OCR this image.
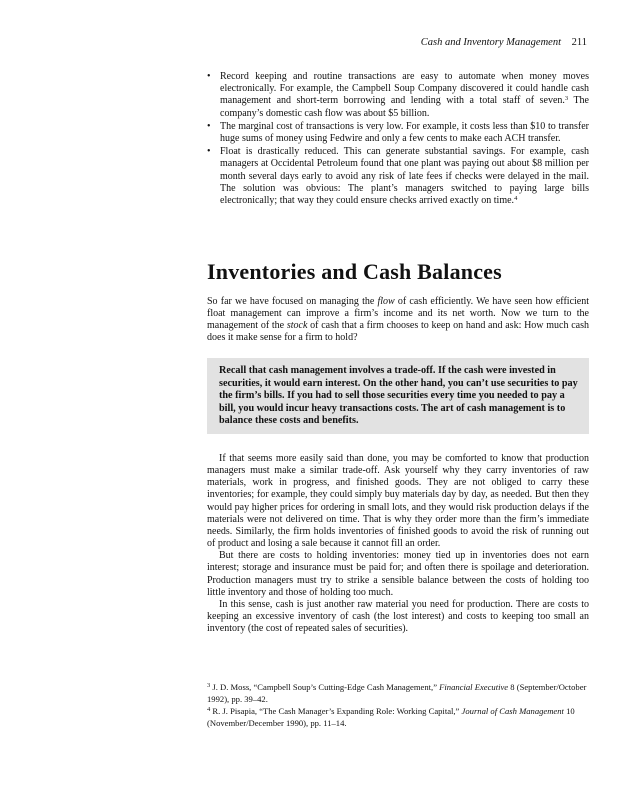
Cash and Inventory Management 211
• Record keeping and routine transactions are easy to automate when money moves electronically. For example, the Campbell Soup Company discovered it could handle cash management and short-term borrowing and lending with a total staff of seven.$^3$ The company’s domestic cash flow was about $5 billion.
• The marginal cost of transactions is very low. For example, it costs less than $10 to transfer huge sums of money using Fedwire and only a few cents to make each ACH transfer.
• Float is drastically reduced. This can generate substantial savings. For example, cash managers at Occidental Petroleum found that one plant was paying out about $8 million per month several days early to avoid any risk of late fees if checks were delayed in the mail. The solution was obvious: The plant’s managers switched to paying large bills electronically; that way they could ensure checks arrived exactly on time.$^4$
Inventories and Cash Balances

So far we have focused on managing the flow of cash efficiently. We have seen how efficient float management can improve a firm’s income and its net worth. Now we turn to the management of the stock of cash that a firm chooses to keep on hand and ask: How much cash does it make sense for a firm to hold?

Recall that cash management involves a trade-off. If the cash were invested in securities, it would earn interest. On the other hand, you can’t use securities to pay the firm’s bills. If you had to sell those securities every time you needed to pay a bill, you would incur heavy transactions costs. The art of cash management is to balance these costs and benefits.

If that seems more easily said than done, you may be comforted to know that production managers must make a similar trade-off. Ask yourself why they carry inventories of raw materials, work in progress, and finished goods. They are not obliged to carry these inventories; for example, they could simply buy materials day by day, as needed. But then they would pay higher prices for ordering in small lots, and they would risk production delays if the materials were not delivered on time. That is why they order more than the firm’s immediate needs. Similarly, the firm holds inventories of finished goods to avoid the risk of running out of product and losing a sale because it cannot fill an order.

But there are costs to holding inventories: money tied up in inventories does not earn interest; storage and insurance must be paid for; and often there is spoilage and deterioration. Production managers must try to strike a sensible balance between the costs of holding too little inventory and those of holding too much.

In this sense, cash is just another raw material you need for production. There are costs to keeping an excessive inventory of cash (the lost interest) and costs to keeping too small an inventory (the cost of repeated sales of securities).

$^3$ J. D. Moss, “Campbell Soup’s Cutting-Edge Cash Management,” Financial Executive 8 (September/October 1992), pp. 39–42.

$^4$ R. J. Pisapia, “The Cash Manager’s Expanding Role: Working Capital,” Journal of Cash Management 10 (November/December 1990), pp. 11–14.
